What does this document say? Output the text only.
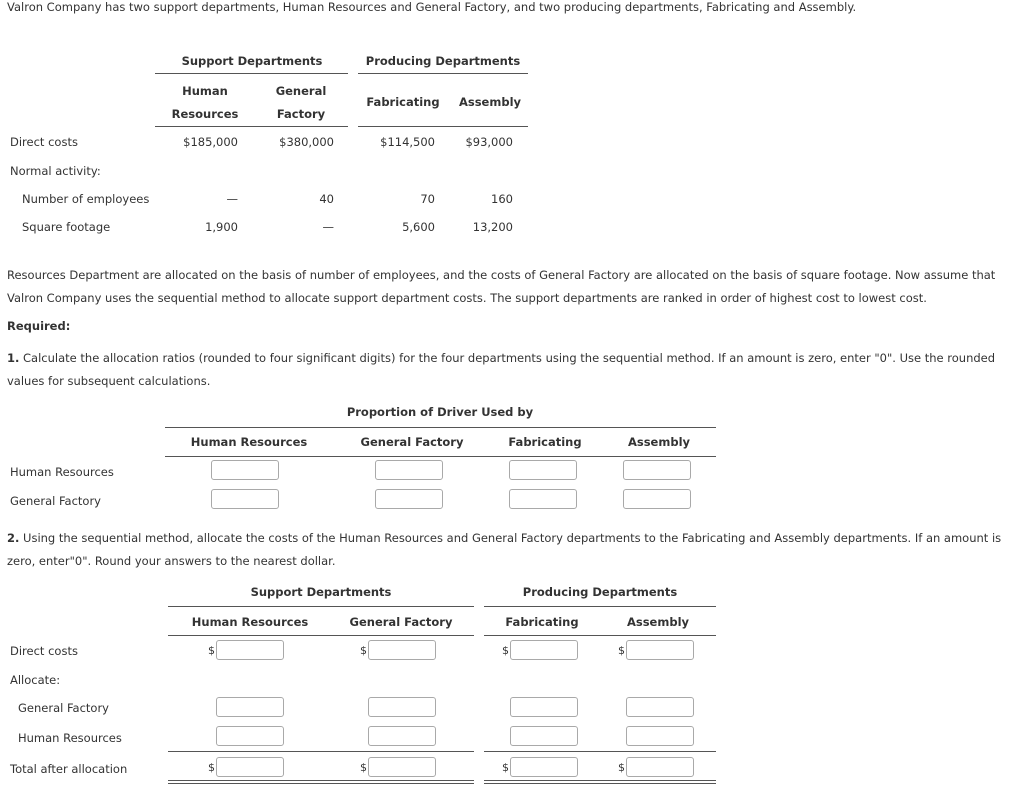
Valron Company has two support departments, Human Resources and General Factory, and two producing departments, Fabricating and Assembly.
Support Departments	Producing Departments
Human
Resources
General
Factory
Fabricating	Assembly
Direct costs	$185,000	$380,000	$114,500	$93,000
Normal activity:
Number of employees	—	40	70	160
Square footage	1,900	—	5,600	13,200
Resources Department are allocated on the basis of number of employees, and the costs of General Factory are allocated on the basis of square footage. Now assume that Valron Company uses the sequential method to allocate support department costs. The support departments are ranked in order of highest cost to lowest cost.
Required:
1. Calculate the allocation ratios (rounded to four significant digits) for the four departments using the sequential method. If an amount is zero, enter "0". Use the rounded values for subsequent calculations.
Proportion of Driver Used by
Human Resources	General Factory	Fabricating	Assembly
Human Resources
General Factory
2. Using the sequential method, allocate the costs of the Human Resources and General Factory departments to the Fabricating and Assembly departments. If an amount is zero, enter"0". Round your answers to the nearest dollar.
Support Departments	Producing Departments
Human Resources	General Factory	Fabricating	Assembly
Direct costs	$	$	$	$
Allocate:
General Factory
Human Resources
Total after allocation	$	$	$	$
